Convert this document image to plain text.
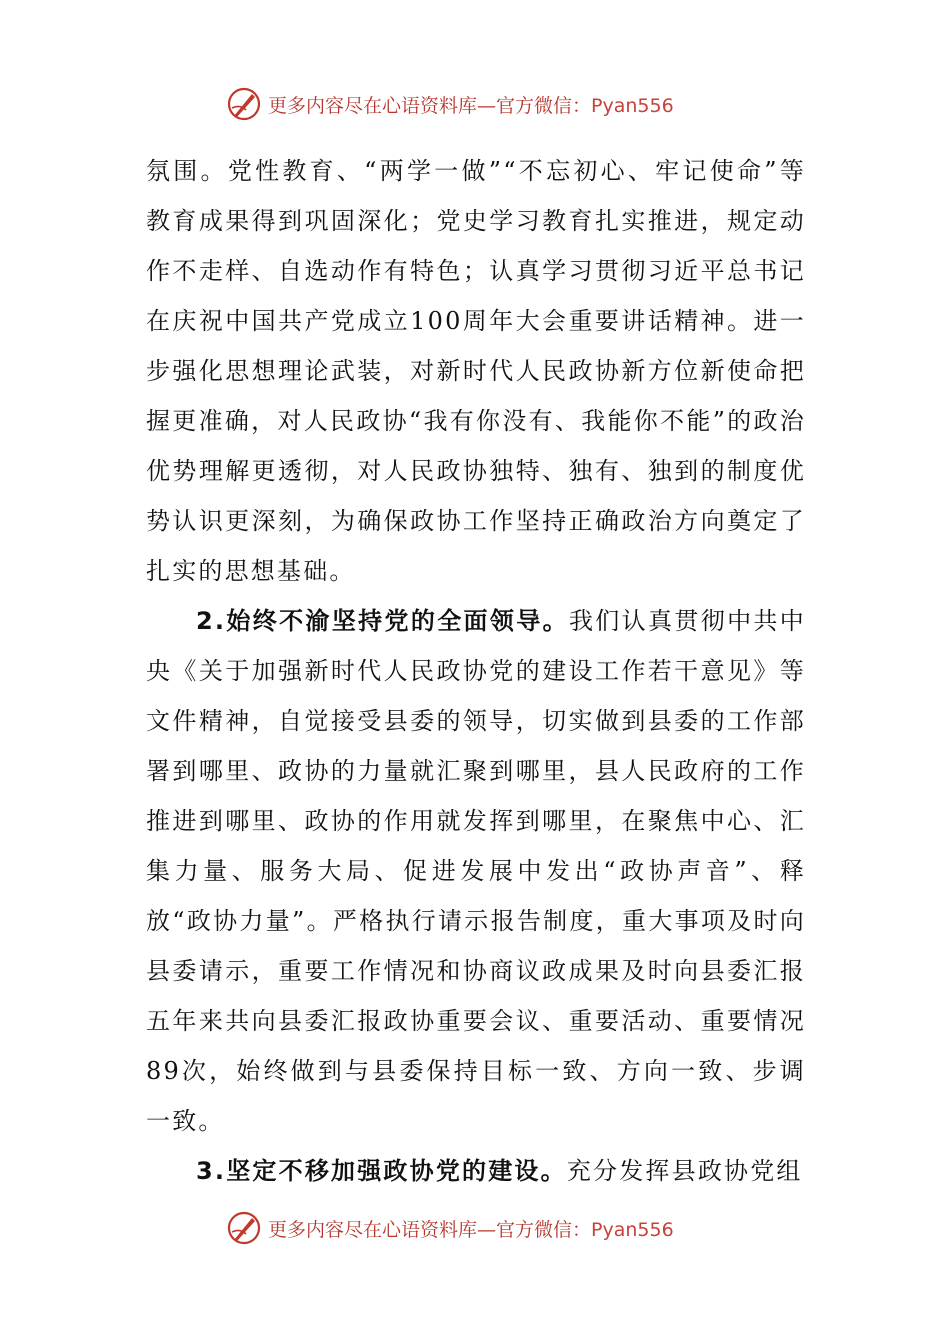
更多内容尽在心语资料库—官方微信：Pyan556

氛围。党性教育、“两学一做”“不忘初心、牢记使命”等教育成果得到巩固深化；党史学习教育扎实推进，规定动作不走样、自选动作有特色；认真学习贯彻习近平总书记在庆祝中国共产党成立100周年大会重要讲话精神。进一步强化思想理论武装，对新时代人民政协新方位新使命把握更准确，对人民政协“我有你没有、我能你不能”的政治优势理解更透彻，对人民政协独特、独有、独到的制度优势认识更深刻，为确保政协工作坚持正确政治方向奠定了扎实的思想基础。

2.始终不渝坚持党的全面领导。我们认真贯彻中共中央《关于加强新时代人民政协党的建设工作若干意见》等文件精神，自觉接受县委的领导，切实做到县委的工作部署到哪里、政协的力量就汇聚到哪里，县人民政府的工作推进到哪里、政协的作用就发挥到哪里，在聚焦中心、汇集力量、服务大局、促进发展中发出“政协声音”、释放“政协力量”。严格执行请示报告制度，重大事项及时向县委请示，重要工作情况和协商议政成果及时向县委汇报五年来共向县委汇报政协重要会议、重要活动、重要情况89次，始终做到与县委保持目标一致、方向一致、步调一致。

3.坚定不移加强政协党的建设。充分发挥县政协党组

更多内容尽在心语资料库—官方微信：Pyan556
